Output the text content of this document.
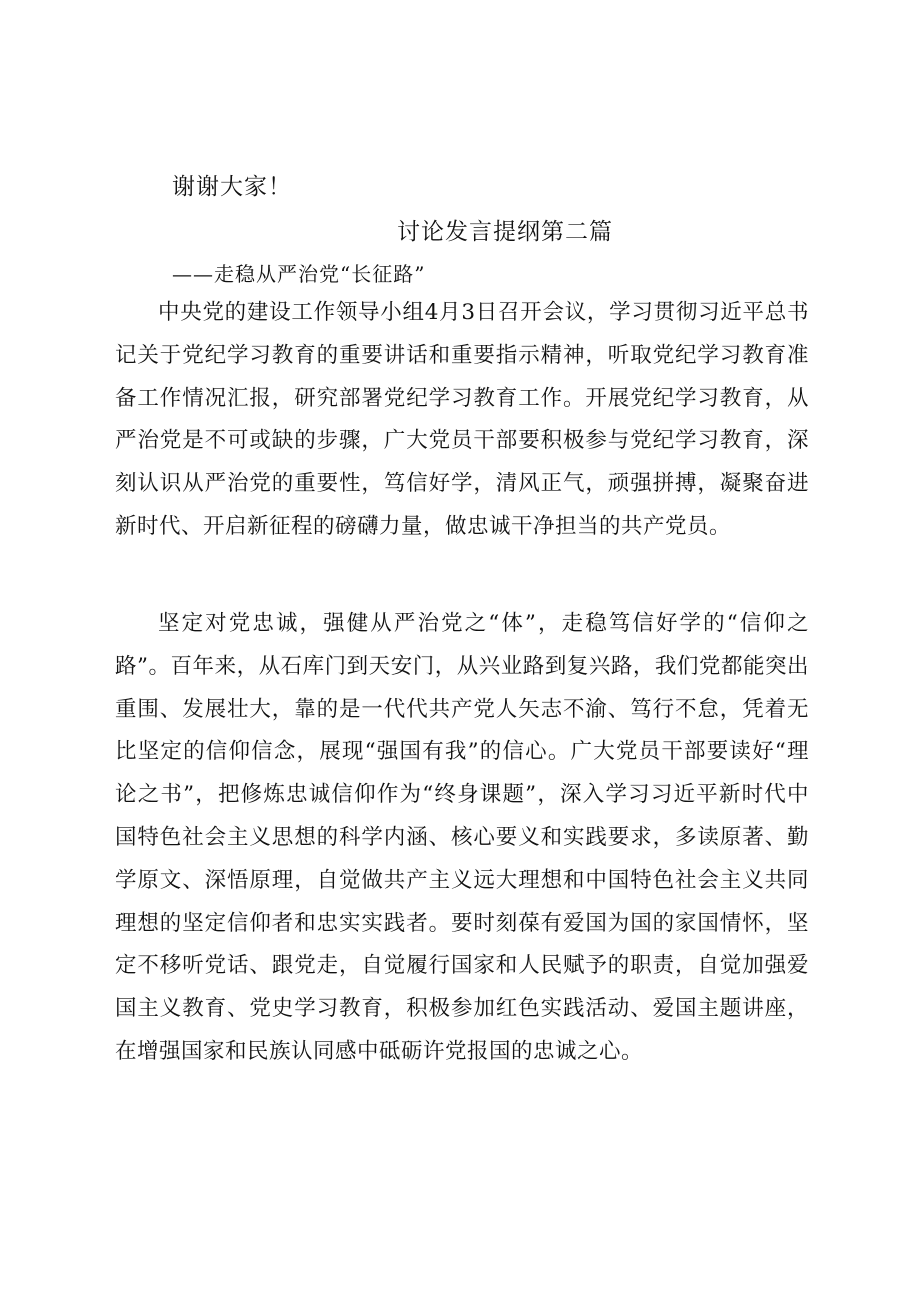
谢谢大家！
讨论发言提纲第二篇
——走稳从严治党“长征路”

中央党的建设工作领导小组4月3日召开会议，学习贯彻习近平总书记关于党纪学习教育的重要讲话和重要指示精神，听取党纪学习教育准备工作情况汇报，研究部署党纪学习教育工作。开展党纪学习教育，从严治党是不可或缺的步骤，广大党员干部要积极参与党纪学习教育，深刻认识从严治党的重要性，笃信好学，清风正气，顽强拼搏，凝聚奋进新时代、开启新征程的磅礴力量，做忠诚干净担当的共产党员。

坚定对党忠诚，强健从严治党之“体”，走稳笃信好学的“信仰之路”。百年来，从石库门到天安门，从兴业路到复兴路，我们党都能突出重围、发展壮大，靠的是一代代共产党人矢志不渝、笃行不怠，凭着无比坚定的信仰信念，展现“强国有我”的信心。广大党员干部要读好“理论之书”，把修炼忠诚信仰作为“终身课题”，深入学习习近平新时代中国特色社会主义思想的科学内涵、核心要义和实践要求，多读原著、勤学原文、深悟原理，自觉做共产主义远大理想和中国特色社会主义共同理想的坚定信仰者和忠实实践者。要时刻葆有爱国为国的家国情怀，坚定不移听党话、跟党走，自觉履行国家和人民赋予的职责，自觉加强爱国主义教育、党史学习教育，积极参加红色实践活动、爱国主题讲座，在增强国家和民族认同感中砥砺许党报国的忠诚之心。
